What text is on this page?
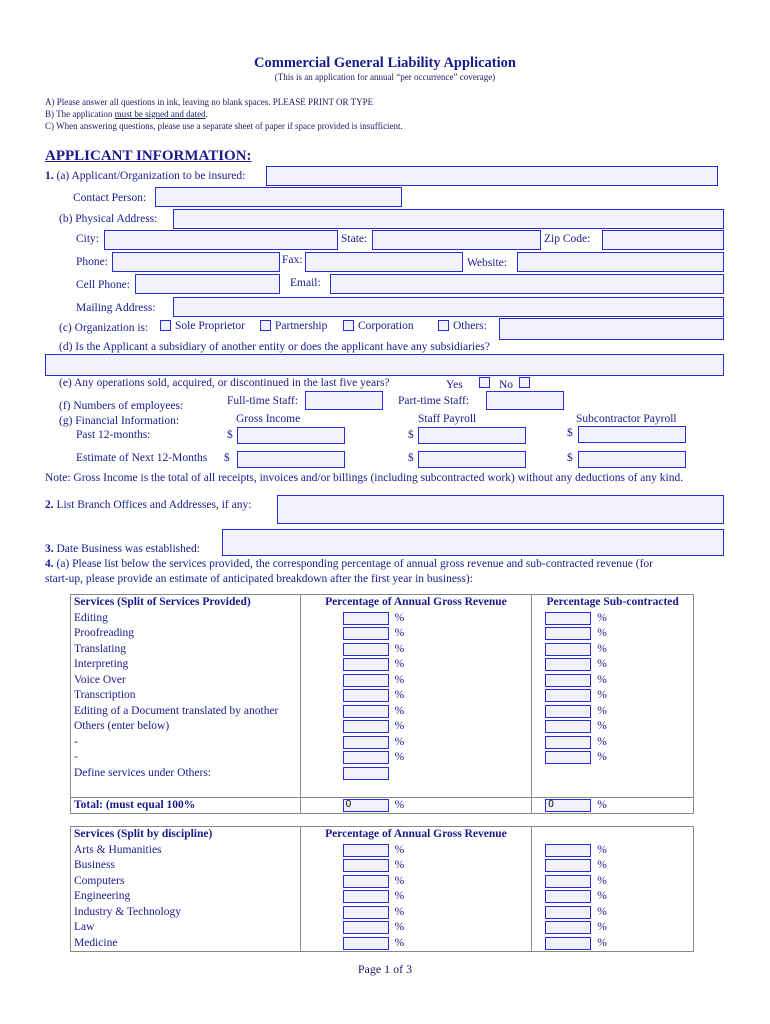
Commercial General Liability Application
(This is an application for annual “per occurrence” coverage)
A) Please answer all questions in ink, leaving no blank spaces. PLEASE PRINT OR TYPE
B) The application must be signed and dated.
C) When answering questions, please use a separate sheet of paper if space provided is insufficient.
APPLICANT INFORMATION:
1. (a) Applicant/Organization to be insured:
Contact Person:
(b) Physical Address:
City:	State:	Zip Code:
Phone:	Fax:	Website:
Cell Phone:	Email:
Mailing Address:
(c) Organization is: Sole Proprietor	Partnership	Corporation	Others:
(d) Is the Applicant a subsidiary of another entity or does the applicant have any subsidiaries?
(e) Any operations sold, acquired, or discontinued in the last five years?	Yes	No
Full-time Staff:	Part-time Staff:
(f) Numbers of employees:
(g) Financial Information:	Gross Income	Staff Payroll	Subcontractor Payroll
Past 12-months:	$	$	$
Estimate of Next 12-Months $	$	$
Note: Gross Income is the total of all receipts, invoices and/or billings (including subcontracted work) without any deductions of any kind.
2. List Branch Offices and Addresses, if any:
3. Date Business was established:
4. (a) Please list below the services provided, the corresponding percentage of annual gross revenue and sub-contracted revenue (for
start-up, please provide an estimate of anticipated breakdown after the first year in business):
Services (Split of Services Provided)	Percentage of Annual Gross Revenue	Percentage Sub-contracted
Editing	%	%
Proofreading	%	%
Translating	%	%
Interpreting	%	%
Voice Over	%	%
Transcription	%	%
Editing of a Document translated by another	%	%
Others (enter below)	%	%
-	%	%
-	%	%
Define services under Others:		

Total: (must equal 100%	0 %	0 %
Services (Split by discipline)	Percentage of Annual Gross Revenue	
Arts & Humanities	%	%
Business	%	%
Computers	%	%
Engineering	%	%
Industry & Technology	%	%
Law	%	%
Medicine	%	%
Page 1 of 3
